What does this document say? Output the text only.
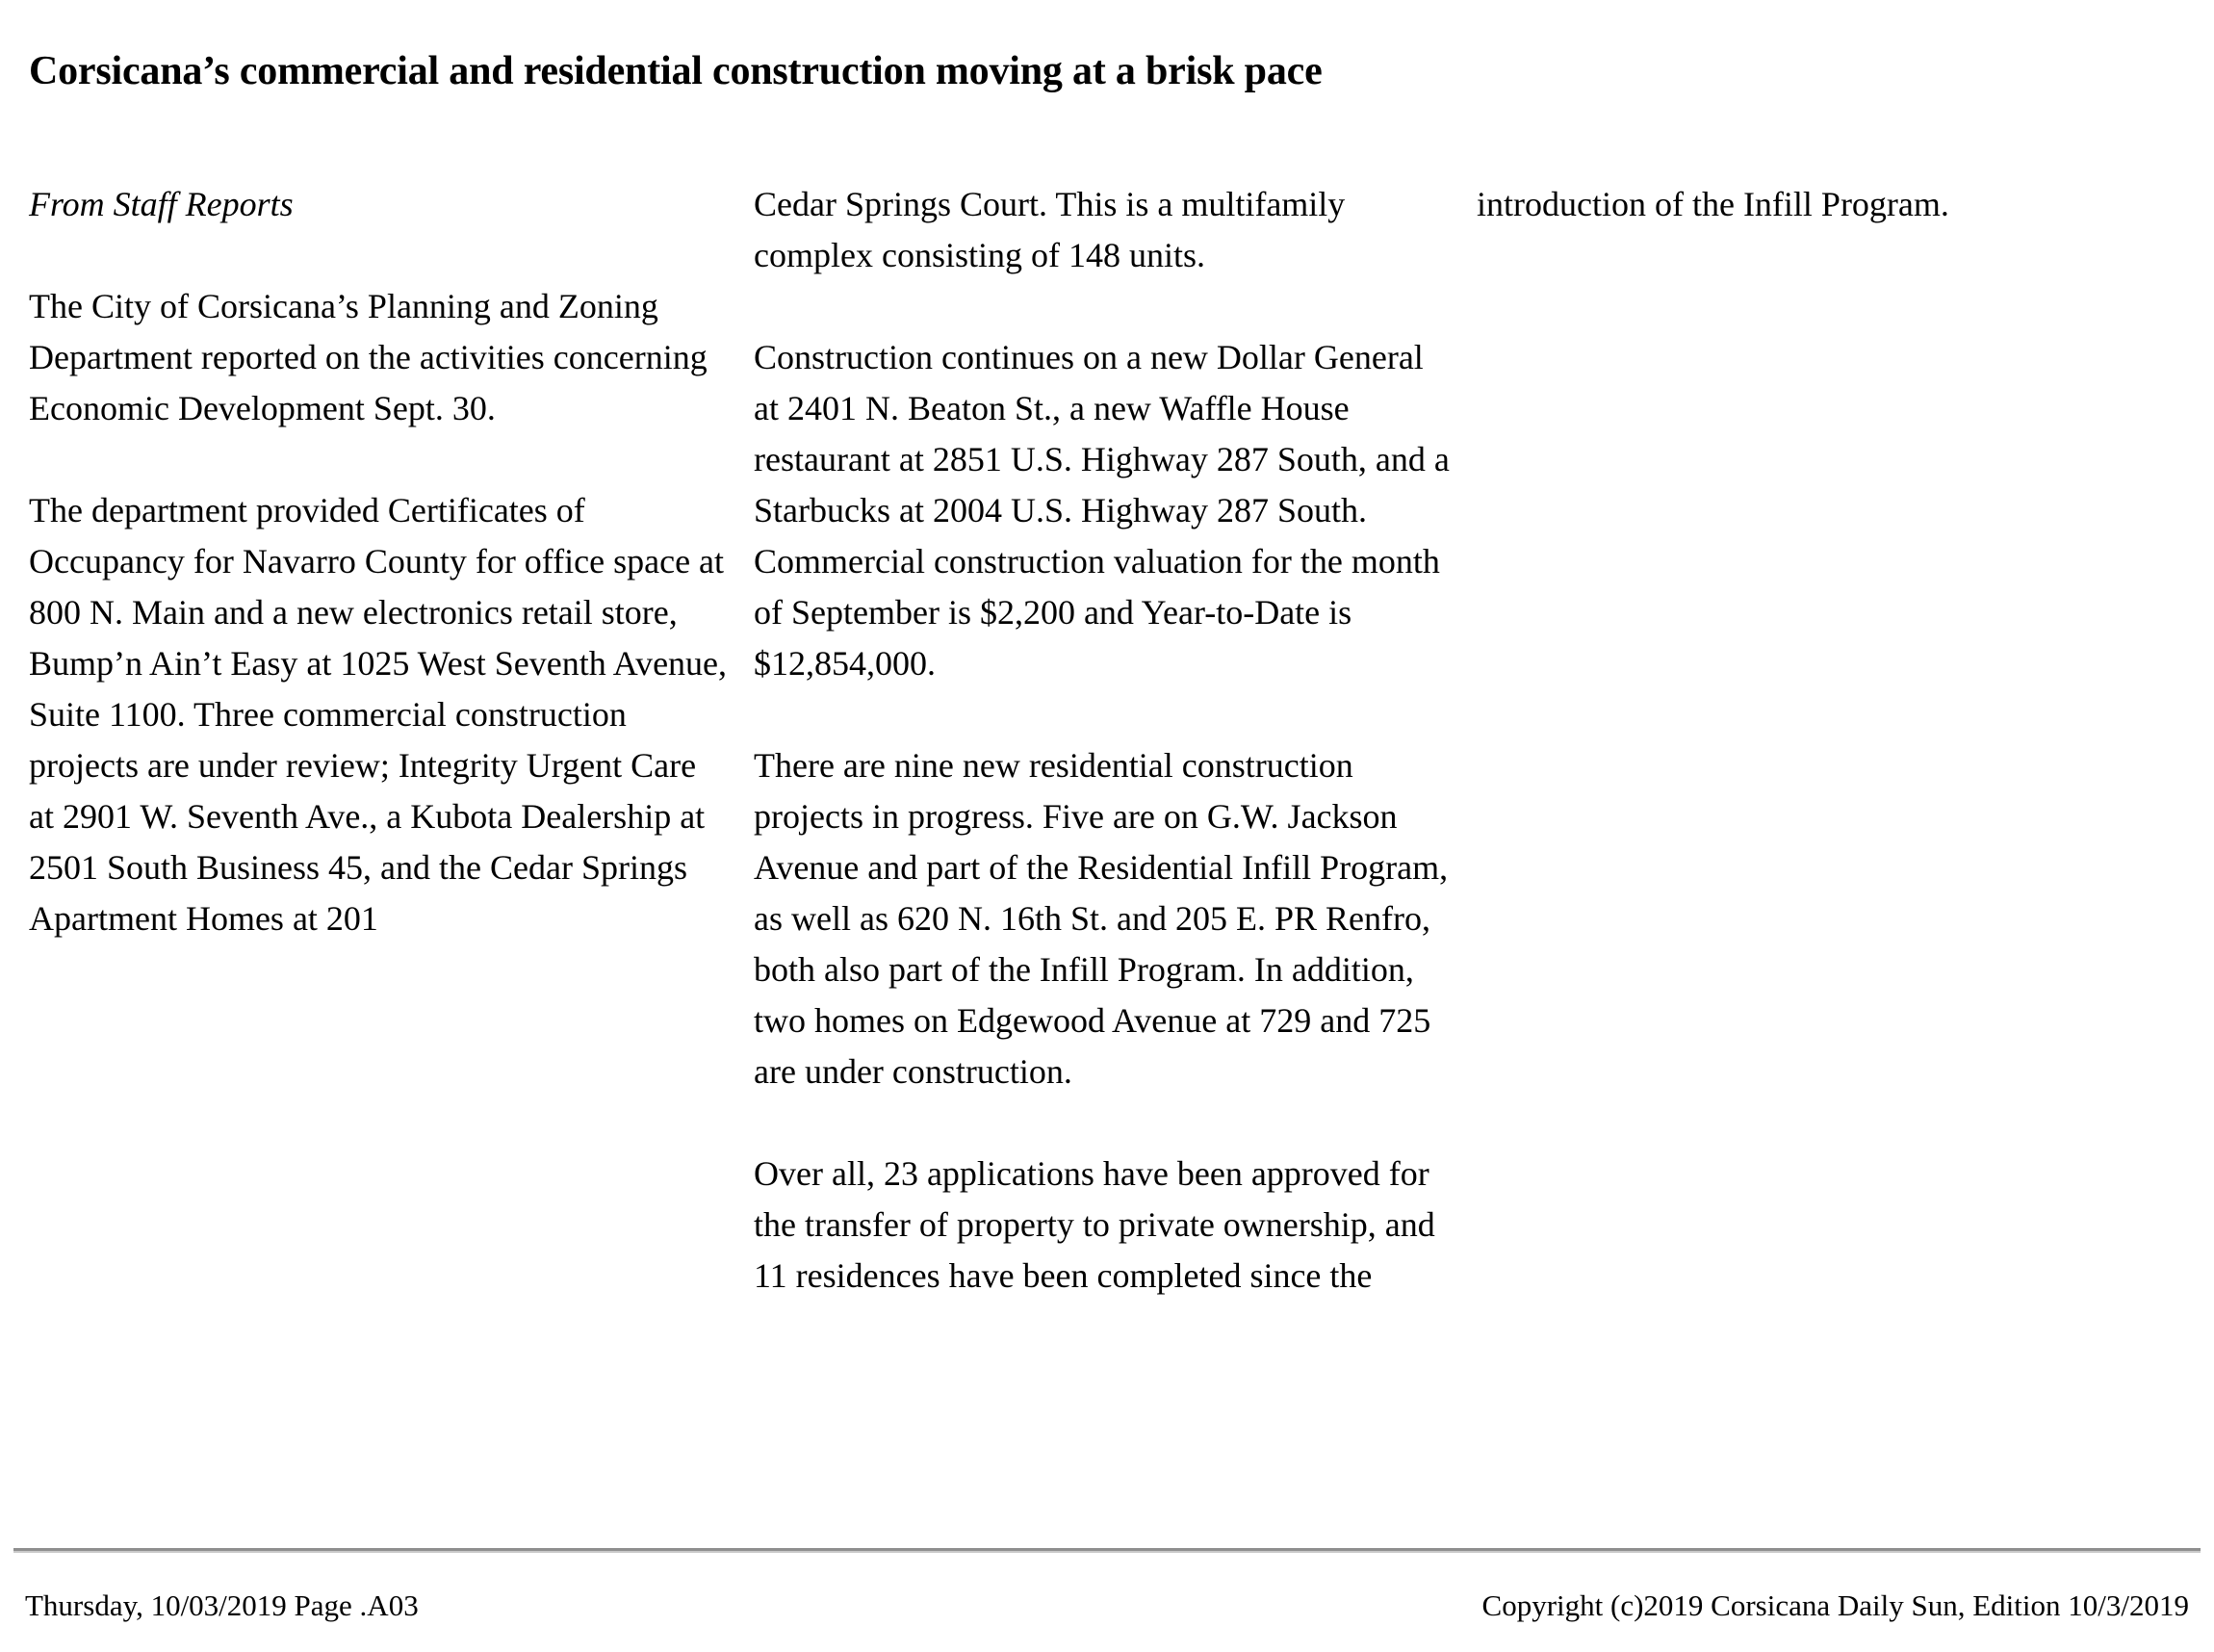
Corsicana’s commercial and residential construction moving at a brisk pace

From Staff Reports

The City of Corsicana’s Planning and Zoning Department reported on the activities concerning Economic Development Sept. 30.

The department provided Certificates of Occupancy for Navarro County for office space at 800 N. Main and a new electronics retail store, Bump’n Ain’t Easy at 1025 West Seventh Avenue, Suite 1100. Three commercial construction projects are under review; Integrity Urgent Care at 2901 W. Seventh Ave., a Kubota Dealership at 2501 South Business 45, and the Cedar Springs Apartment Homes at 201

Cedar Springs Court. This is a multifamily complex consisting of 148 units.

Construction continues on a new Dollar General at 2401 N. Beaton St., a new Waffle House restaurant at 2851 U.S. Highway 287 South, and a Starbucks at 2004 U.S. Highway 287 South. Commercial construction valuation for the month of September is $2,200 and Year-to-Date is $12,854,000.

There are nine new residential construction projects in progress. Five are on G.W. Jackson Avenue and part of the Residential Infill Program, as well as 620 N. 16th St. and 205 E. PR Renfro, both also part of the Infill Program. In addition, two homes on Edgewood Avenue at 729 and 725 are under construction.

Over all, 23 applications have been approved for the transfer of property to private ownership, and 11 residences have been completed since the

introduction of the Infill Program.

Thursday, 10/03/2019 Page .A03	Copyright (c)2019 Corsicana Daily Sun, Edition 10/3/2019
